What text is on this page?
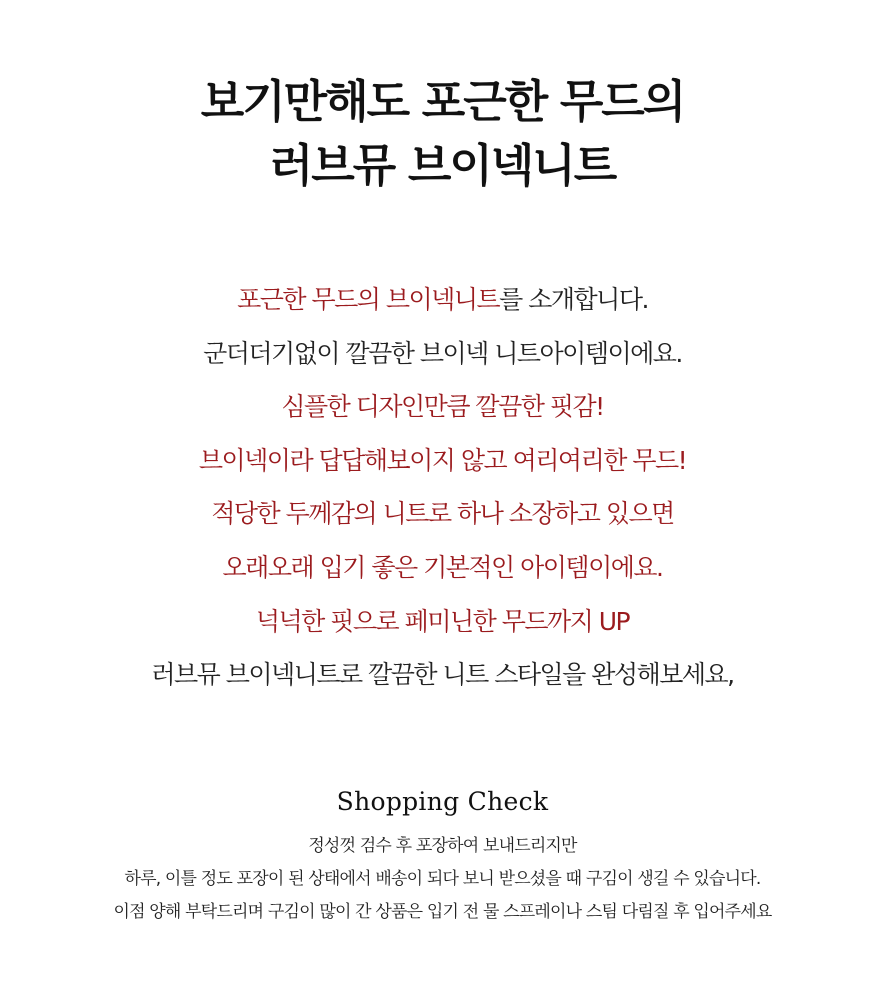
보기만해도 포근한 무드의
러브뮤 브이넥니트
포근한 무드의 브이넥니트를 소개합니다.
군더더기없이 깔끔한 브이넥 니트아이템이에요.
심플한 디자인만큼 깔끔한 핏감!
브이넥이라 답답해보이지 않고 여리여리한 무드!
적당한 두께감의 니트로 하나 소장하고 있으면
오래오래 입기 좋은 기본적인 아이템이에요.
넉넉한 핏으로 페미닌한 무드까지 UP
러브뮤 브이넥니트로 깔끔한 니트 스타일을 완성해보세요,
Shopping Check
정성껏 검수 후 포장하여 보내드리지만
하루, 이틀 정도 포장이 된 상태에서 배송이 되다 보니 받으셨을 때 구김이 생길 수 있습니다.
이점 양해 부탁드리며 구김이 많이 간 상품은 입기 전 물 스프레이나 스팀 다림질 후 입어주세요
